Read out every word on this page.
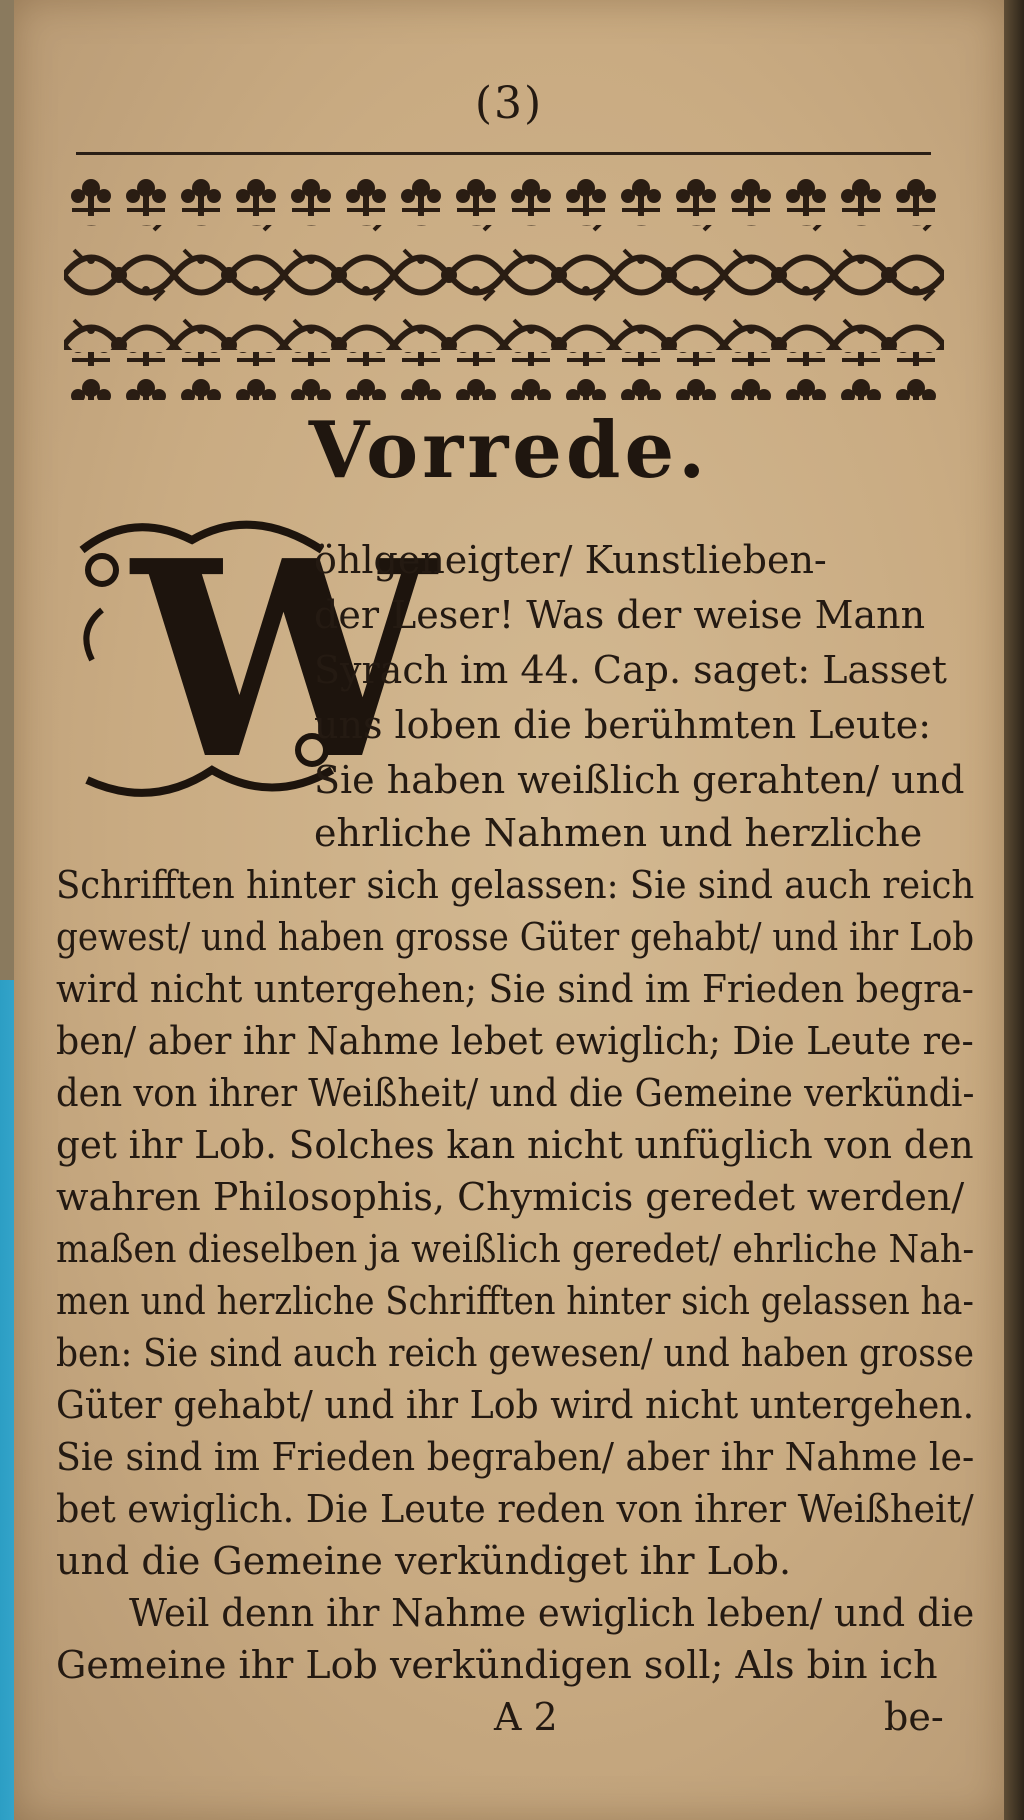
(3)
Vorrede.
W
öhlgeneigter/ Kunstlieben-
der Leser! Was der weise Mann
Syrach im 44. Cap. saget: Lasset
uns loben die berühmten Leute:
Sie haben weißlich gerahten/ und
ehrliche Nahmen und herzliche
Schrifften hinter sich gelassen: Sie sind auch reich
gewest/ und haben grosse Güter gehabt/ und ihr Lob
wird nicht untergehen; Sie sind im Frieden begra-
ben/ aber ihr Nahme lebet ewiglich; Die Leute re-
den von ihrer Weißheit/ und die Gemeine verkündi-
get ihr Lob. Solches kan nicht unfüglich von den
wahren Philosophis, Chymicis geredet werden/
maßen dieselben ja weißlich geredet/ ehrliche Nah-
men und herzliche Schrifften hinter sich gelassen ha-
ben: Sie sind auch reich gewesen/ und haben grosse
Güter gehabt/ und ihr Lob wird nicht untergehen.
Sie sind im Frieden begraben/ aber ihr Nahme le-
bet ewiglich. Die Leute reden von ihrer Weißheit/
und die Gemeine verkündiget ihr Lob.
Weil denn ihr Nahme ewiglich leben/ und die
Gemeine ihr Lob verkündigen soll; Als bin ich
A 2	be-
